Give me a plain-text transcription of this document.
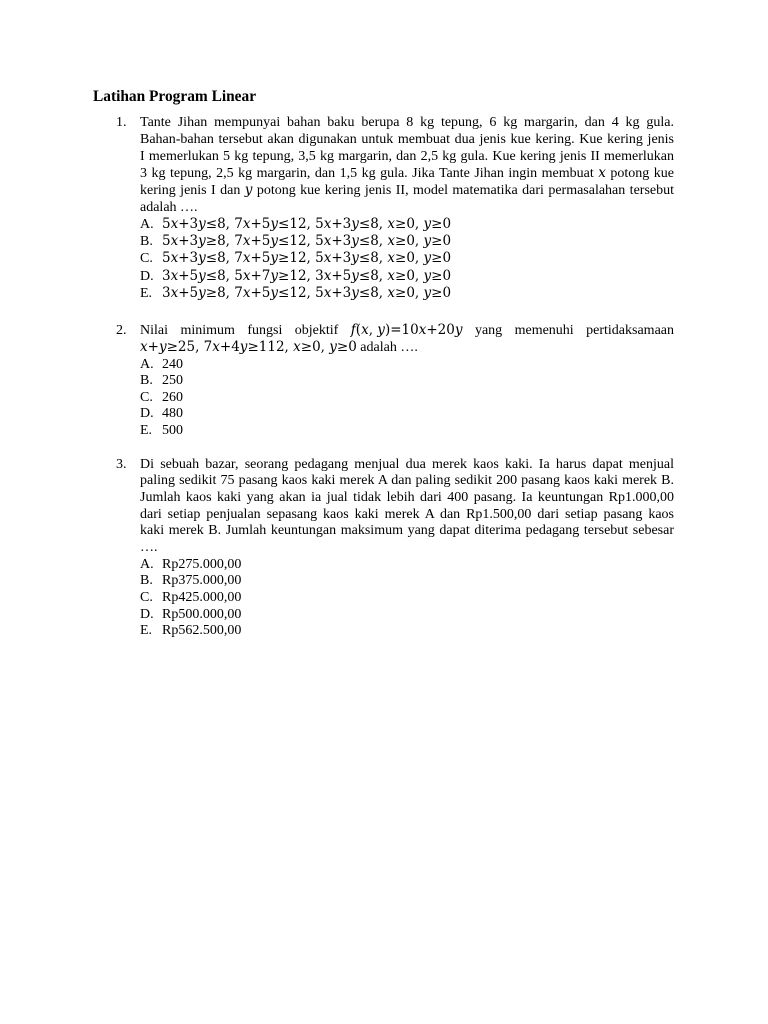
Latihan Program Linear
1. Tante Jihan mempunyai bahan baku berupa 8 kg tepung, 6 kg margarin, dan 4 kg gula.
Bahan-bahan tersebut akan digunakan untuk membuat dua jenis kue kering. Kue kering jenis
I memerlukan 5 kg tepung, 3,5 kg margarin, dan 2,5 kg gula. Kue kering jenis II memerlukan
3 kg tepung, 2,5 kg margarin, dan 1,5 kg gula. Jika Tante Jihan ingin membuat x potong kue
kering jenis I dan y potong kue kering jenis II, model matematika dari permasalahan tersebut
adalah ….
A. 5x+3y≤8, 7x+5y≤12, 5x+3y≤8, x≥0, y≥0
B. 5x+3y≥8, 7x+5y≤12, 5x+3y≤8, x≥0, y≥0
C. 5x+3y≤8, 7x+5y≥12, 5x+3y≤8, x≥0, y≥0
D. 3x+5y≤8, 5x+7y≥12, 3x+5y≤8, x≥0, y≥0
E. 3x+5y≥8, 7x+5y≤12, 5x+3y≤8, x≥0, y≥0
2. Nilai minimum fungsi objektif f(x, y)=10x+20y yang memenuhi pertidaksamaan
x+y≥25, 7x+4y≥112, x≥0, y≥0 adalah ….
A. 240
B. 250
C. 260
D. 480
E. 500
3. Di sebuah bazar, seorang pedagang menjual dua merek kaos kaki. Ia harus dapat menjual
paling sedikit 75 pasang kaos kaki merek A dan paling sedikit 200 pasang kaos kaki merek B.
Jumlah kaos kaki yang akan ia jual tidak lebih dari 400 pasang. Ia keuntungan Rp1.000,00
dari setiap penjualan sepasang kaos kaki merek A dan Rp1.500,00 dari setiap pasang kaos
kaki merek B. Jumlah keuntungan maksimum yang dapat diterima pedagang tersebut sebesar
….
A. Rp275.000,00
B. Rp375.000,00
C. Rp425.000,00
D. Rp500.000,00
E. Rp562.500,00
